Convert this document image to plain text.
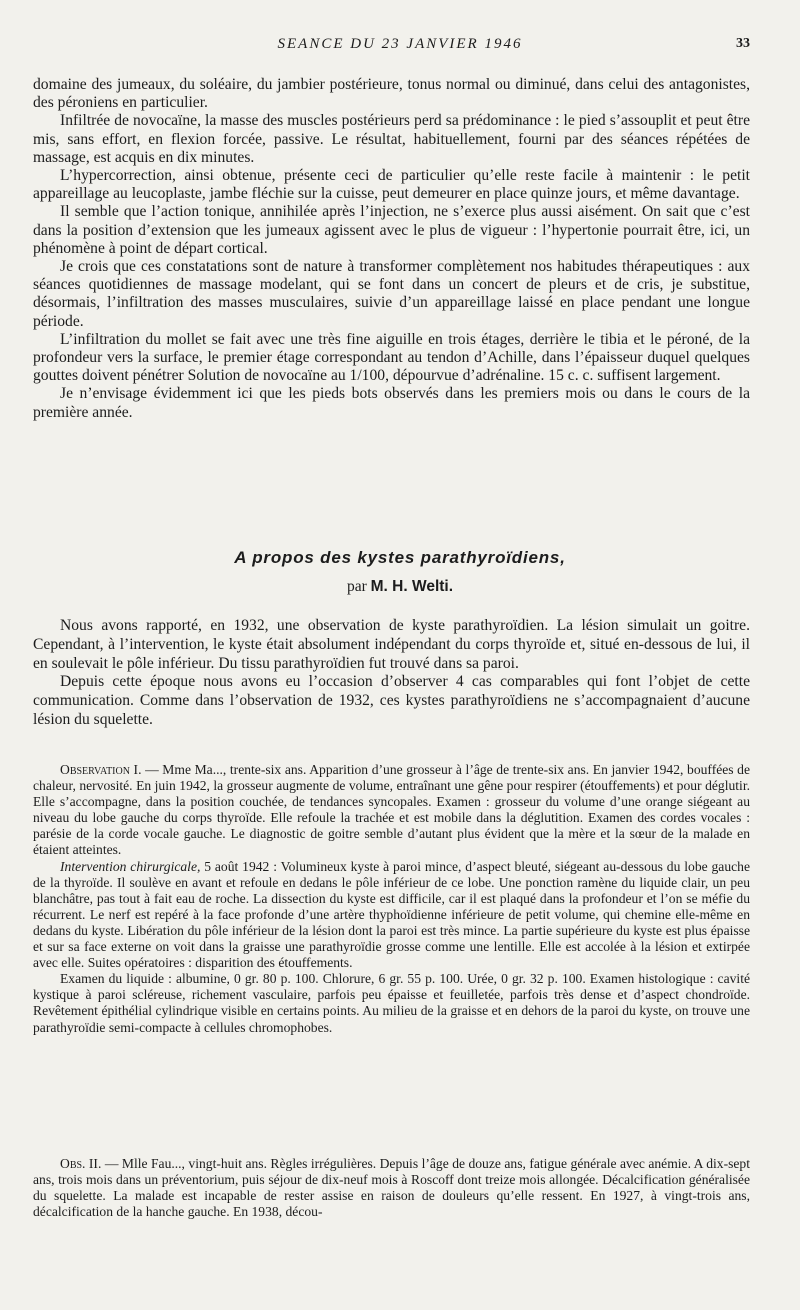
SEANCE DU 23 JANVIER 1946	33

domaine des jumeaux, du soléaire, du jambier postérieure, tonus normal ou diminué, dans celui des antagonistes, des péroniens en particulier.

Infiltrée de novocaïne, la masse des muscles postérieurs perd sa prédominance : le pied s’assouplit et peut être mis, sans effort, en flexion forcée, passive. Le résultat, habituellement, fourni par des séances répétées de massage, est acquis en dix minutes.

L’hypercorrection, ainsi obtenue, présente ceci de particulier qu’elle reste facile à maintenir : le petit appareillage au leucoplaste, jambe fléchie sur la cuisse, peut demeurer en place quinze jours, et même davantage.

Il semble que l’action tonique, annihilée après l’injection, ne s’exerce plus aussi aisément. On sait que c’est dans la position d’extension que les jumeaux agissent avec le plus de vigueur : l’hypertonie pourrait être, ici, un phénomène à point de départ cortical.

Je crois que ces constatations sont de nature à transformer complètement nos habitudes thérapeutiques : aux séances quotidiennes de massage modelant, qui se font dans un concert de pleurs et de cris, je substitue, désormais, l’infiltration des masses musculaires, suivie d’un appareillage laissé en place pendant une longue période.

L’infiltration du mollet se fait avec une très fine aiguille en trois étages, derrière le tibia et le péroné, de la profondeur vers la surface, le premier étage correspondant au tendon d’Achille, dans l’épaisseur duquel quelques gouttes doivent pénétrer Solution de novocaïne au 1/100, dépourvue d’adrénaline. 15 c. c. suffisent largement.

Je n’envisage évidemment ici que les pieds bots observés dans les premiers mois ou dans le cours de la première année.

A propos des kystes parathyroïdiens,
par M. H. Welti.

Nous avons rapporté, en 1932, une observation de kyste parathyroïdien. La lésion simulait un goitre. Cependant, à l’intervention, le kyste était absolument indépendant du corps thyroïde et, situé en-dessous de lui, il en soulevait le pôle inférieur. Du tissu parathyroïdien fut trouvé dans sa paroi.

Depuis cette époque nous avons eu l’occasion d’observer 4 cas comparables qui font l’objet de cette communication. Comme dans l’observation de 1932, ces kystes parathyroïdiens ne s’accompagnaient d’aucune lésion du squelette.

Observation I. — Mme Ma..., trente-six ans. Apparition d’une grosseur à l’âge de trente-six ans. En janvier 1942, bouffées de chaleur, nervosité. En juin 1942, la grosseur augmente de volume, entraînant une gêne pour respirer (étouffements) et pour déglutir. Elle s’accompagne, dans la position couchée, de tendances syncopales. Examen : grosseur du volume d’une orange siégeant au niveau du lobe gauche du corps thyroïde. Elle refoule la trachée et est mobile dans la déglutition. Examen des cordes vocales : parésie de la corde vocale gauche. Le diagnostic de goitre semble d’autant plus évident que la mère et la sœur de la malade en étaient atteintes.

Intervention chirurgicale, 5 août 1942 : Volumineux kyste à paroi mince, d’aspect bleuté, siégeant au-dessous du lobe gauche de la thyroïde. Il soulève en avant et refoule en dedans le pôle inférieur de ce lobe. Une ponction ramène du liquide clair, un peu blanchâtre, pas tout à fait eau de roche. La dissection du kyste est difficile, car il est plaqué dans la profondeur et l’on se méfie du récurrent. Le nerf est repéré à la face profonde d’une artère thyphoïdienne inférieure de petit volume, qui chemine elle-même en dedans du kyste. Libération du pôle inférieur de la lésion dont la paroi est très mince. La partie supérieure du kyste est plus épaisse et sur sa face externe on voit dans la graisse une parathyroïdie grosse comme une lentille. Elle est accolée à la lésion et extirpée avec elle. Suites opératoires : disparition des étouffements.

Examen du liquide : albumine, 0 gr. 80 p. 100. Chlorure, 6 gr. 55 p. 100. Urée, 0 gr. 32 p. 100. Examen histologique : cavité kystique à paroi scléreuse, richement vasculaire, parfois peu épaisse et feuilletée, parfois très dense et d’aspect chondroïde. Revêtement épithélial cylindrique visible en certains points. Au milieu de la graisse et en dehors de la paroi du kyste, on trouve une parathyroïdie semi-compacte à cellules chromophobes.

Obs. II. — Mlle Fau..., vingt-huit ans. Règles irrégulières. Depuis l’âge de douze ans, fatigue générale avec anémie. A dix-sept ans, trois mois dans un préventorium, puis séjour de dix-neuf mois à Roscoff dont treize mois allongée. Décalcification généralisée du squelette. La malade est incapable de rester assise en raison de douleurs qu’elle ressent. En 1927, à vingt-trois ans, décalcification de la hanche gauche. En 1938, décou-
